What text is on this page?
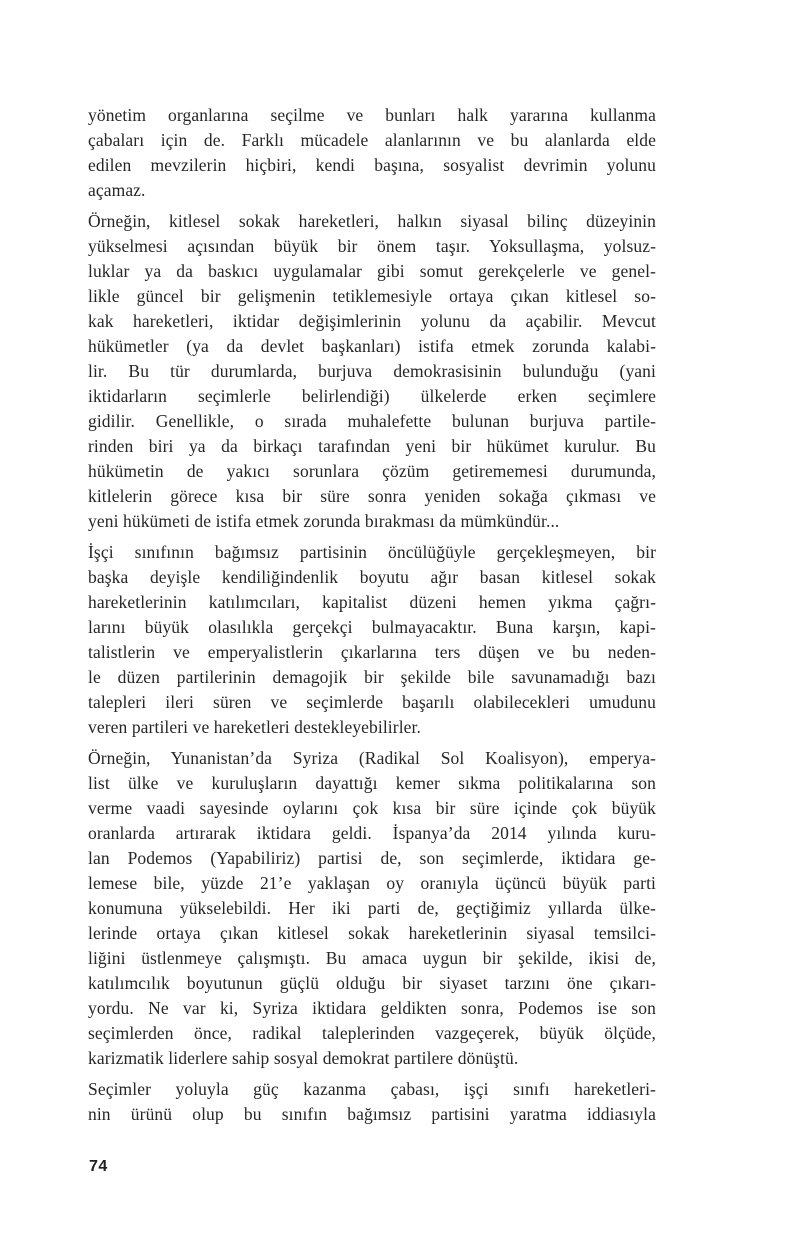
yönetim organlarına seçilme ve bunları halk yararına kullanma
çabaları için de. Farklı mücadele alanlarının ve bu alanlarda elde
edilen mevzilerin hiçbiri, kendi başına, sosyalist devrimin yolunu
açamaz.

Örneğin, kitlesel sokak hareketleri, halkın siyasal bilinç düzeyinin
yükselmesi açısından büyük bir önem taşır. Yoksullaşma, yolsuz-
luklar ya da baskıcı uygulamalar gibi somut gerekçelerle ve genel-
likle güncel bir gelişmenin tetiklemesiyle ortaya çıkan kitlesel so-
kak hareketleri, iktidar değişimlerinin yolunu da açabilir. Mevcut
hükümetler (ya da devlet başkanları) istifa etmek zorunda kalabi-
lir. Bu tür durumlarda, burjuva demokrasisinin bulunduğu (yani
iktidarların seçimlerle belirlendiği) ülkelerde erken seçimlere
gidilir. Genellikle, o sırada muhalefette bulunan burjuva partile-
rinden biri ya da birkaçı tarafından yeni bir hükümet kurulur. Bu
hükümetin de yakıcı sorunlara çözüm getirememesi durumunda,
kitlelerin görece kısa bir süre sonra yeniden sokağa çıkması ve
yeni hükümeti de istifa etmek zorunda bırakması da mümkündür...

İşçi sınıfının bağımsız partisinin öncülüğüyle gerçekleşmeyen, bir
başka deyişle kendiliğindenlik boyutu ağır basan kitlesel sokak
hareketlerinin katılımcıları, kapitalist düzeni hemen yıkma çağrı-
larını büyük olasılıkla gerçekçi bulmayacaktır. Buna karşın, kapi-
talistlerin ve emperyalistlerin çıkarlarına ters düşen ve bu neden-
le düzen partilerinin demagojik bir şekilde bile savunamadığı bazı
talepleri ileri süren ve seçimlerde başarılı olabilecekleri umudunu
veren partileri ve hareketleri destekleyebilirler.

Örneğin, Yunanistan’da Syriza (Radikal Sol Koalisyon), emperya-
list ülke ve kuruluşların dayattığı kemer sıkma politikalarına son
verme vaadi sayesinde oylarını çok kısa bir süre içinde çok büyük
oranlarda artırarak iktidara geldi. İspanya’da 2014 yılında kuru-
lan Podemos (Yapabiliriz) partisi de, son seçimlerde, iktidara ge-
lemese bile, yüzde 21’e yaklaşan oy oranıyla üçüncü büyük parti
konumuna yükselebildi. Her iki parti de, geçtiğimiz yıllarda ülke-
lerinde ortaya çıkan kitlesel sokak hareketlerinin siyasal temsilci-
liğini üstlenmeye çalışmıştı. Bu amaca uygun bir şekilde, ikisi de,
katılımcılık boyutunun güçlü olduğu bir siyaset tarzını öne çıkarı-
yordu. Ne var ki, Syriza iktidara geldikten sonra, Podemos ise son
seçimlerden önce, radikal taleplerinden vazgeçerek, büyük ölçüde,
karizmatik liderlere sahip sosyal demokrat partilere dönüştü.

Seçimler yoluyla güç kazanma çabası, işçi sınıfı hareketleri-
nin ürünü olup bu sınıfın bağımsız partisini yaratma iddiasıyla

74
